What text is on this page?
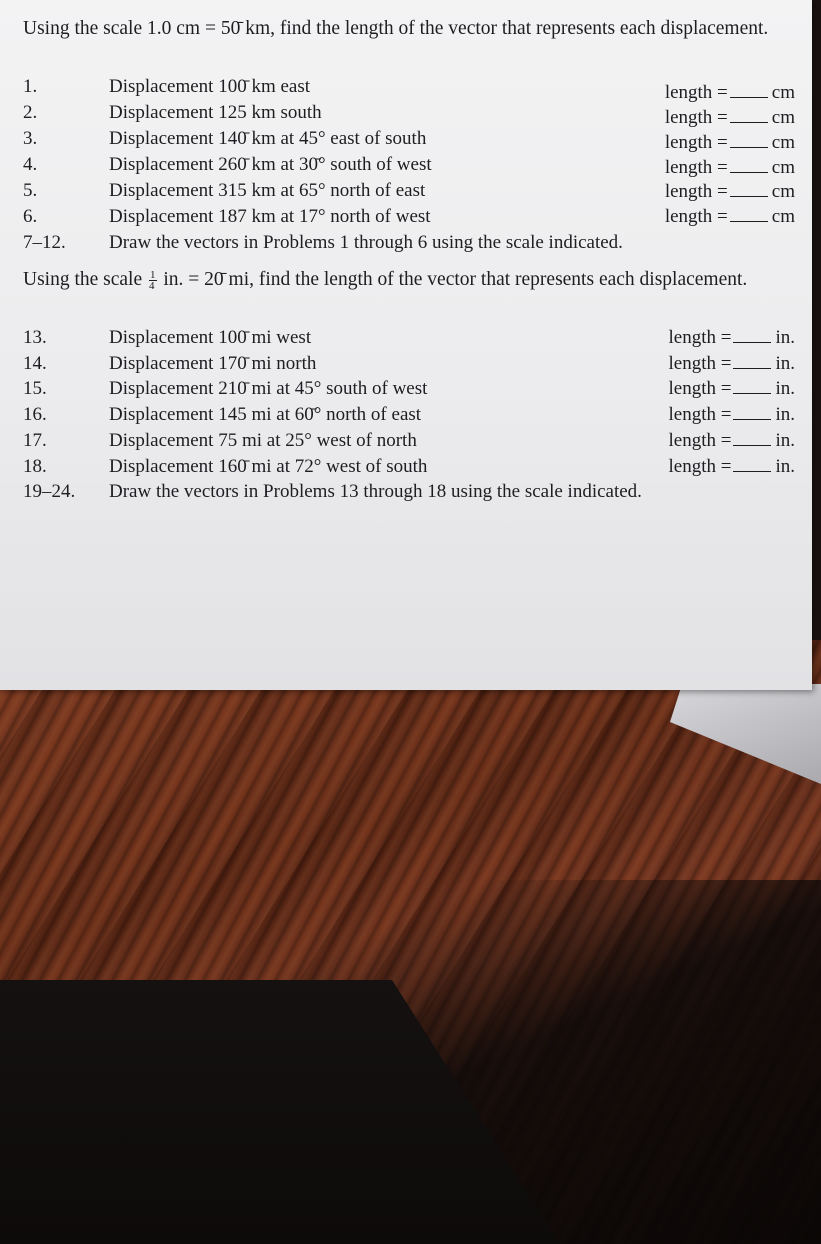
Using the scale 1.0 cm = 50̄ km, find the length of the vector that represents each displacement.
1.	Displacement 100̄ km east	length = cm
2.	Displacement 125 km south	length = cm
3.	Displacement 140̄ km at 45° east of south	length = cm
4.	Displacement 260̄ km at 30̄° south of west	length = cm
5.	Displacement 315 km at 65° north of east	length = cm
6.	Displacement 187 km at 17° north of west	length = cm
7–12. Draw the vectors in Problems 1 through 6 using the scale indicated.
Using the scale $\frac{1}{4}$ in. = 20̄ mi, find the length of the vector that represents each displacement.
13.	Displacement 100̄ mi west	length = in.
14.	Displacement 170̄ mi north	length = in.
15.	Displacement 210̄ mi at 45° south of west	length = in.
16.	Displacement 145 mi at 60̄° north of east	length = in.
17.	Displacement 75 mi at 25° west of north	length = in.
18.	Displacement 160̄ mi at 72° west of south	length = in.
19–24. Draw the vectors in Problems 13 through 18 using the scale indicated.
